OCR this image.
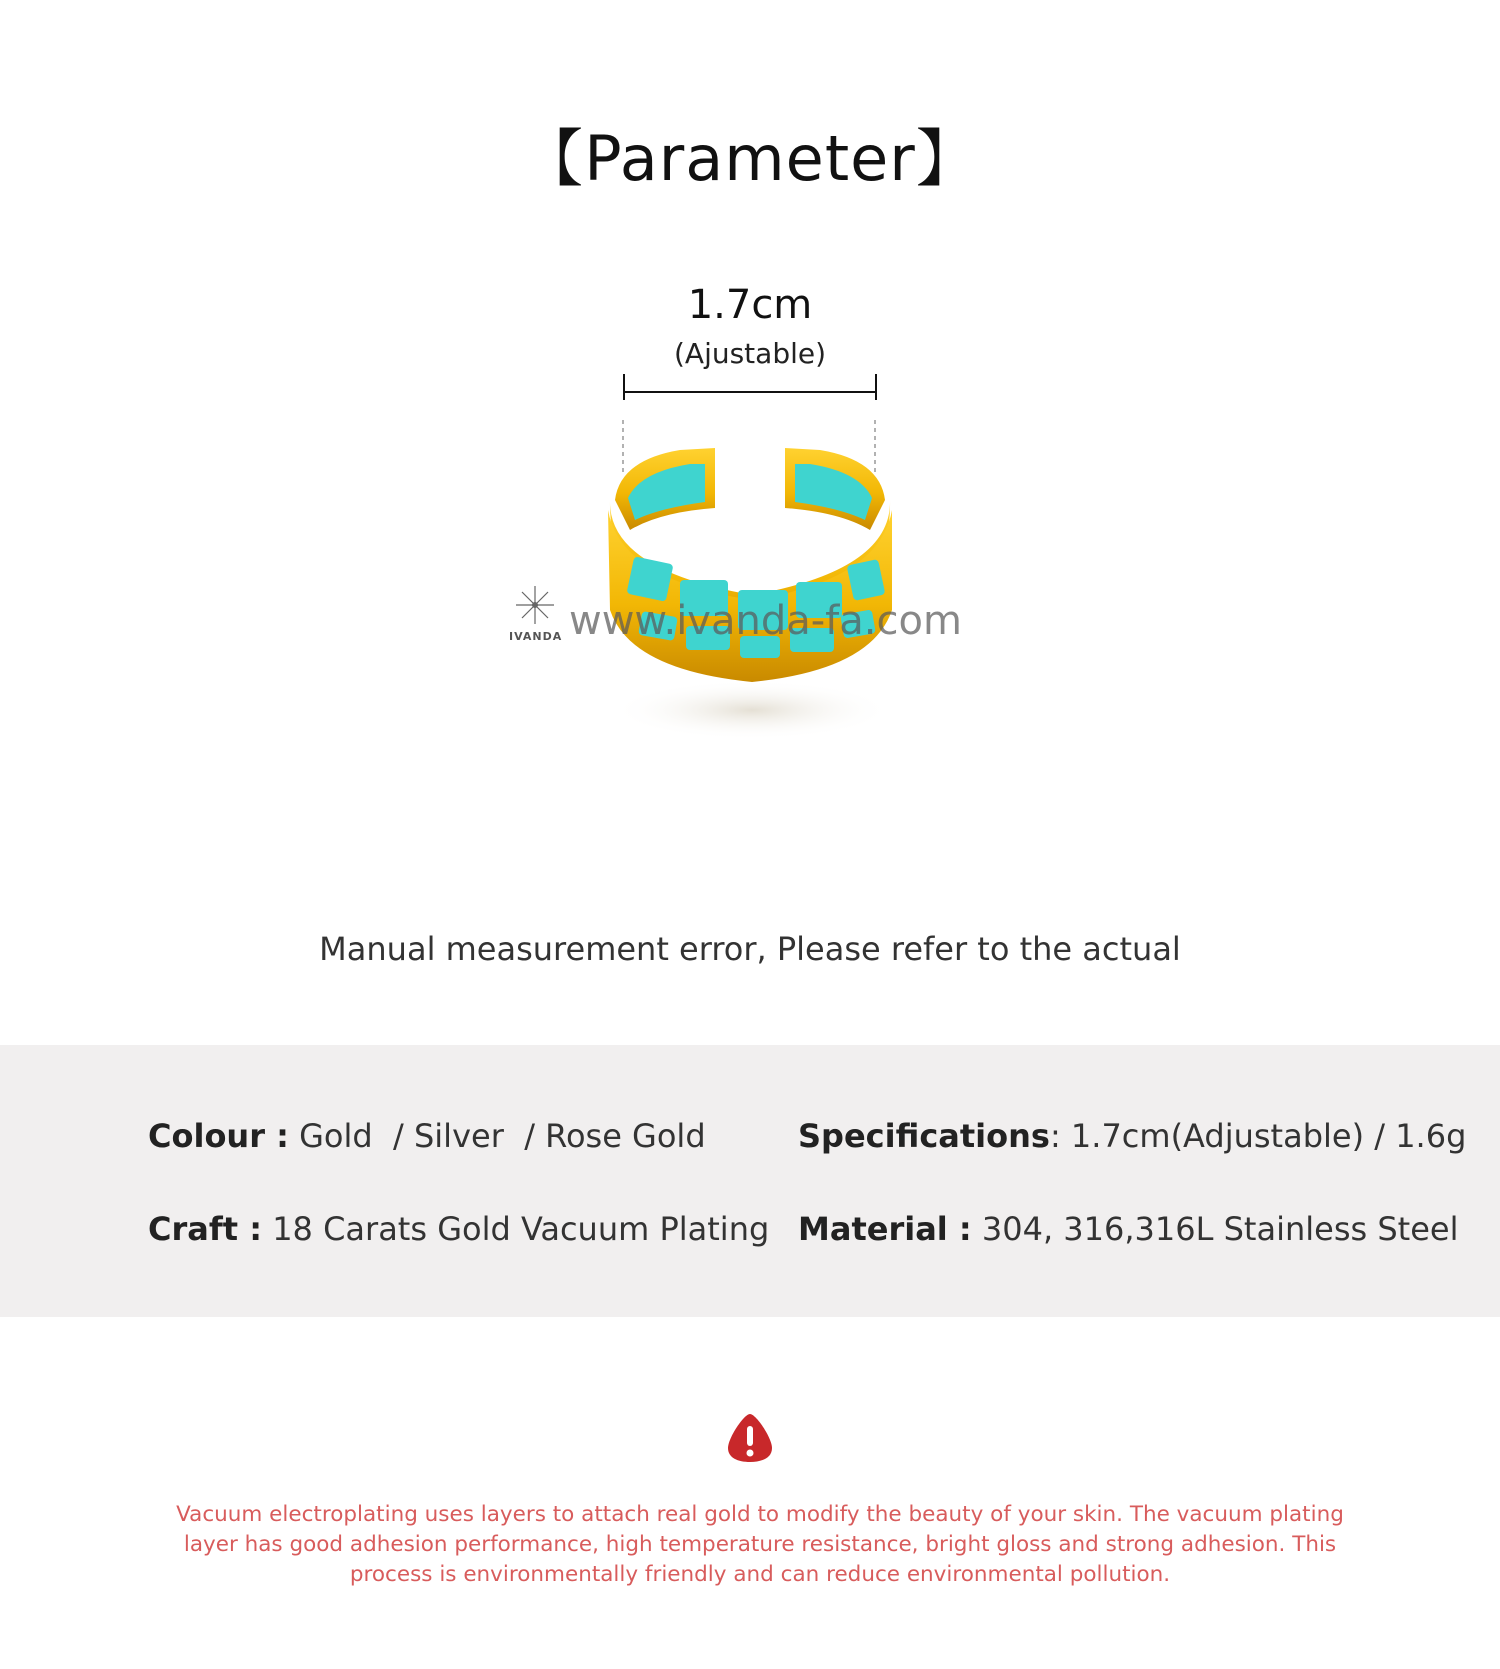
【Parameter】
1.7cm
(Ajustable)
IVANDA www.ivanda-fa.com
Manual measurement error, Please refer to the actual
Colour : Gold  / Silver  / Rose Gold	Specifications: 1.7cm(Adjustable) / 1.6g
Craft : 18 Carats Gold Vacuum Plating Material : 304, 316,316L Stainless Steel
Vacuum electroplating uses layers to attach real gold to modify the beauty of your skin. The vacuum plating layer has good adhesion performance, high temperature resistance, bright gloss and strong adhesion. This process is environmentally friendly and can reduce environmental pollution.
